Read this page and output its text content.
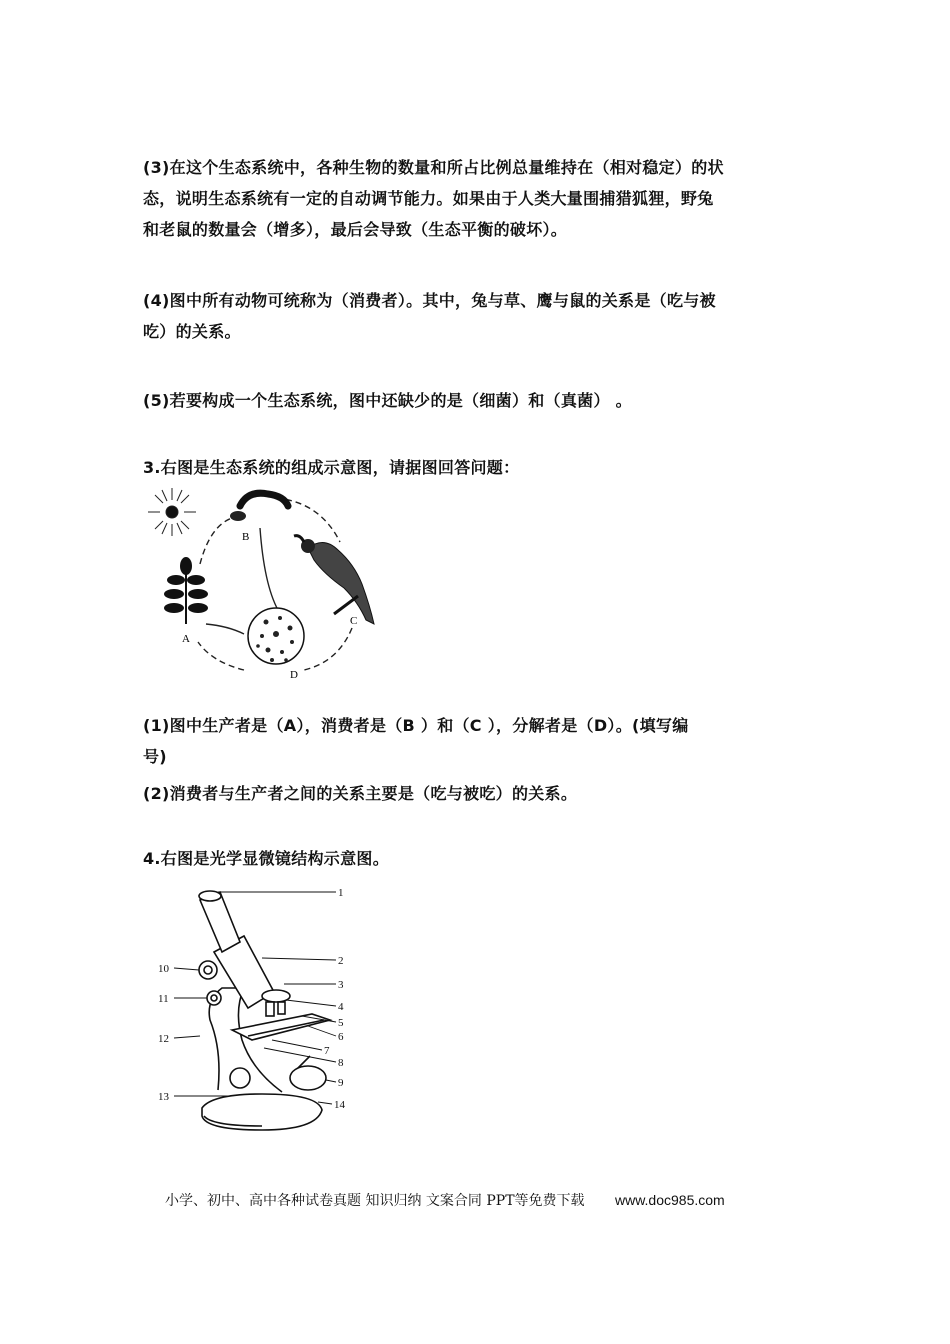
(3)在这个生态系统中，各种生物的数量和所占比例总量维持在（相对稳定）的状
态，说明生态系统有一定的自动调节能力。如果由于人类大量围捕猎狐狸，野兔
和老鼠的数量会（增多），最后会导致（生态平衡的破坏）。
(4)图中所有动物可统称为（消费者）。其中，兔与草、鹰与鼠的关系是（吃与被
吃）的关系。
(5)若要构成一个生态系统，图中还缺少的是（细菌）和（真菌） 。
3.右图是生态系统的组成示意图，请据图回答问题：
B
A
C
D
(1)图中生产者是（A），消费者是（B ）和（C ），分解者是（D）。(填写编
号)
(2)消费者与生产者之间的关系主要是（吃与被吃）的关系。
4.右图是光学显微镜结构示意图。
1
2
3
4
5
6
7
8
9
14
10
11
12
13
小学、初中、高中各种试卷真题 知识归纳 文案合同 PPT等免费下载 www.doc985.com
